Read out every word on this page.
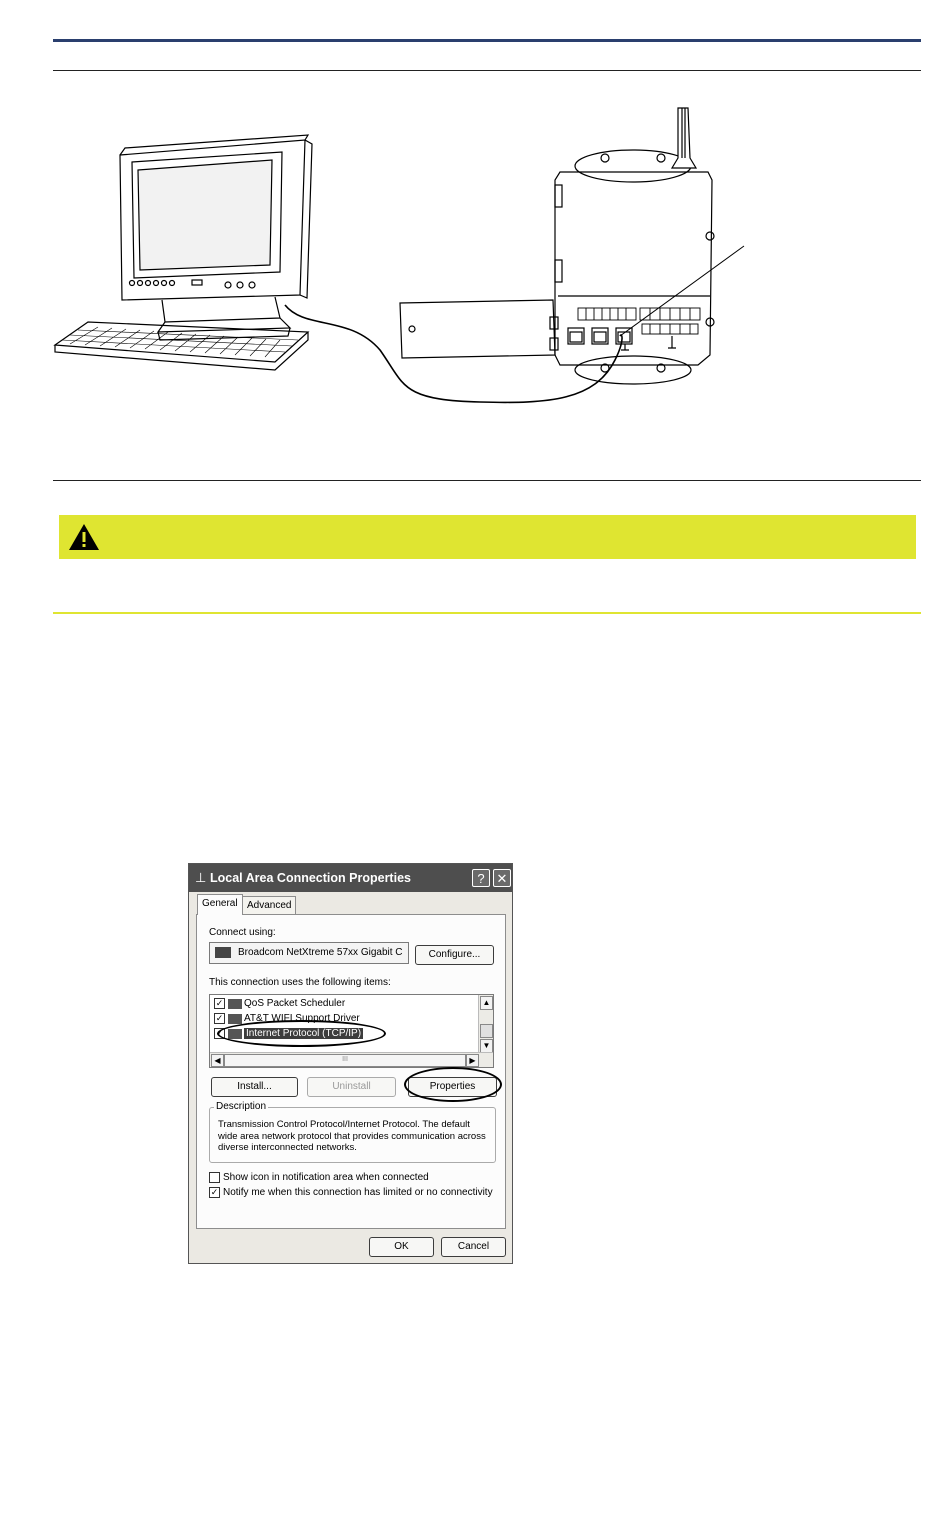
⊥ Local Area Connection Properties	? ✕
General Advanced
Connect using:
Broadcom NetXtreme 57xx Gigabit C	Configure...
This connection uses the following items:
✓ QoS Packet Scheduler
✓ AT&T WIFI Support Driver
✓ Internet Protocol (TCP/IP)
▲
▼
◀	III	▶
Install...	Uninstall	Properties
Description
Transmission Control Protocol/Internet Protocol. The default wide area network protocol that provides communication across diverse interconnected networks.
Show icon in notification area when connected
✓ Notify me when this connection has limited or no connectivity
OK	Cancel
